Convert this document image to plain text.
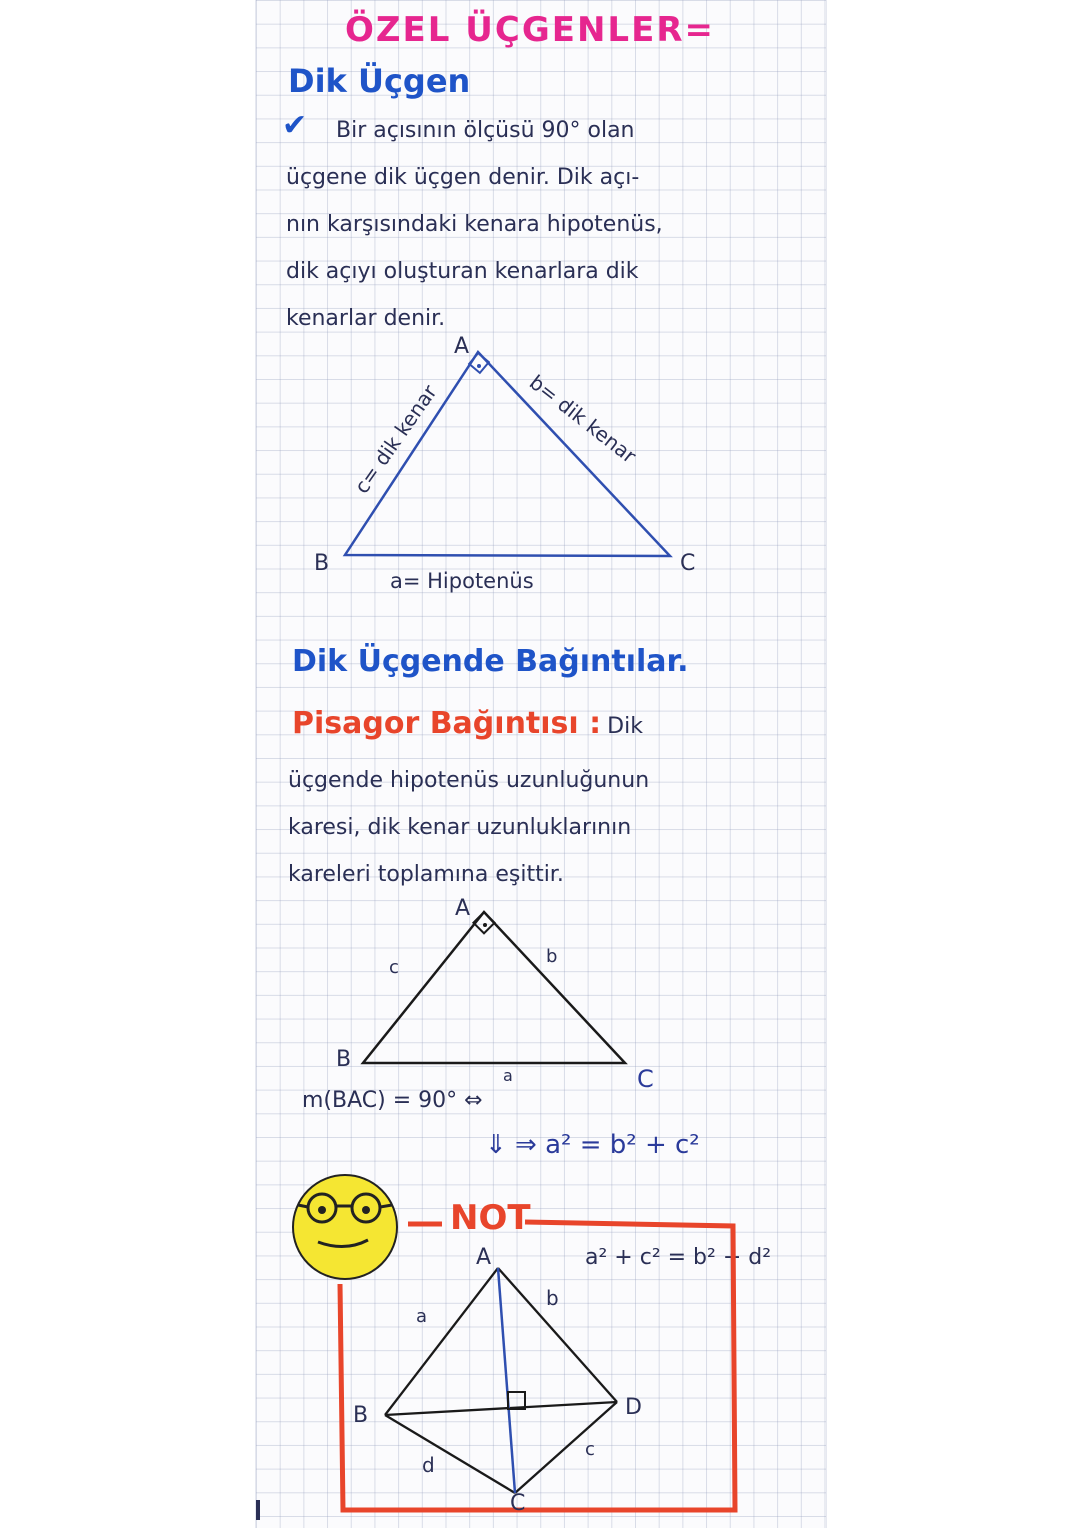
ÖZEL ÜÇGENLER=
Dik Üçgen
✔	Bir açısının ölçüsü 90° olan
üçgene dik üçgen denir. Dik açı-
nın karşısındaki kenara hipotenüs,
dik açıyı oluşturan kenarlara dik
kenarlar denir.
Dik Üçgende Bağıntılar.
Pisagor Bağıntısı : Dik
üçgende hipotenüs uzunluğunun
karesi, dik kenar uzunluklarının
kareleri toplamına eşittir.
m(BAC) = 90° ⇔
⇓ ⇒ a² = b² + c²
NOT
a² + c² = b² + d²
A
B	C
c= dik kenar	b= dik kenar
a= Hipotenüs
A
B
C
c
b
a
A
B
C
D
a
b
c
d
